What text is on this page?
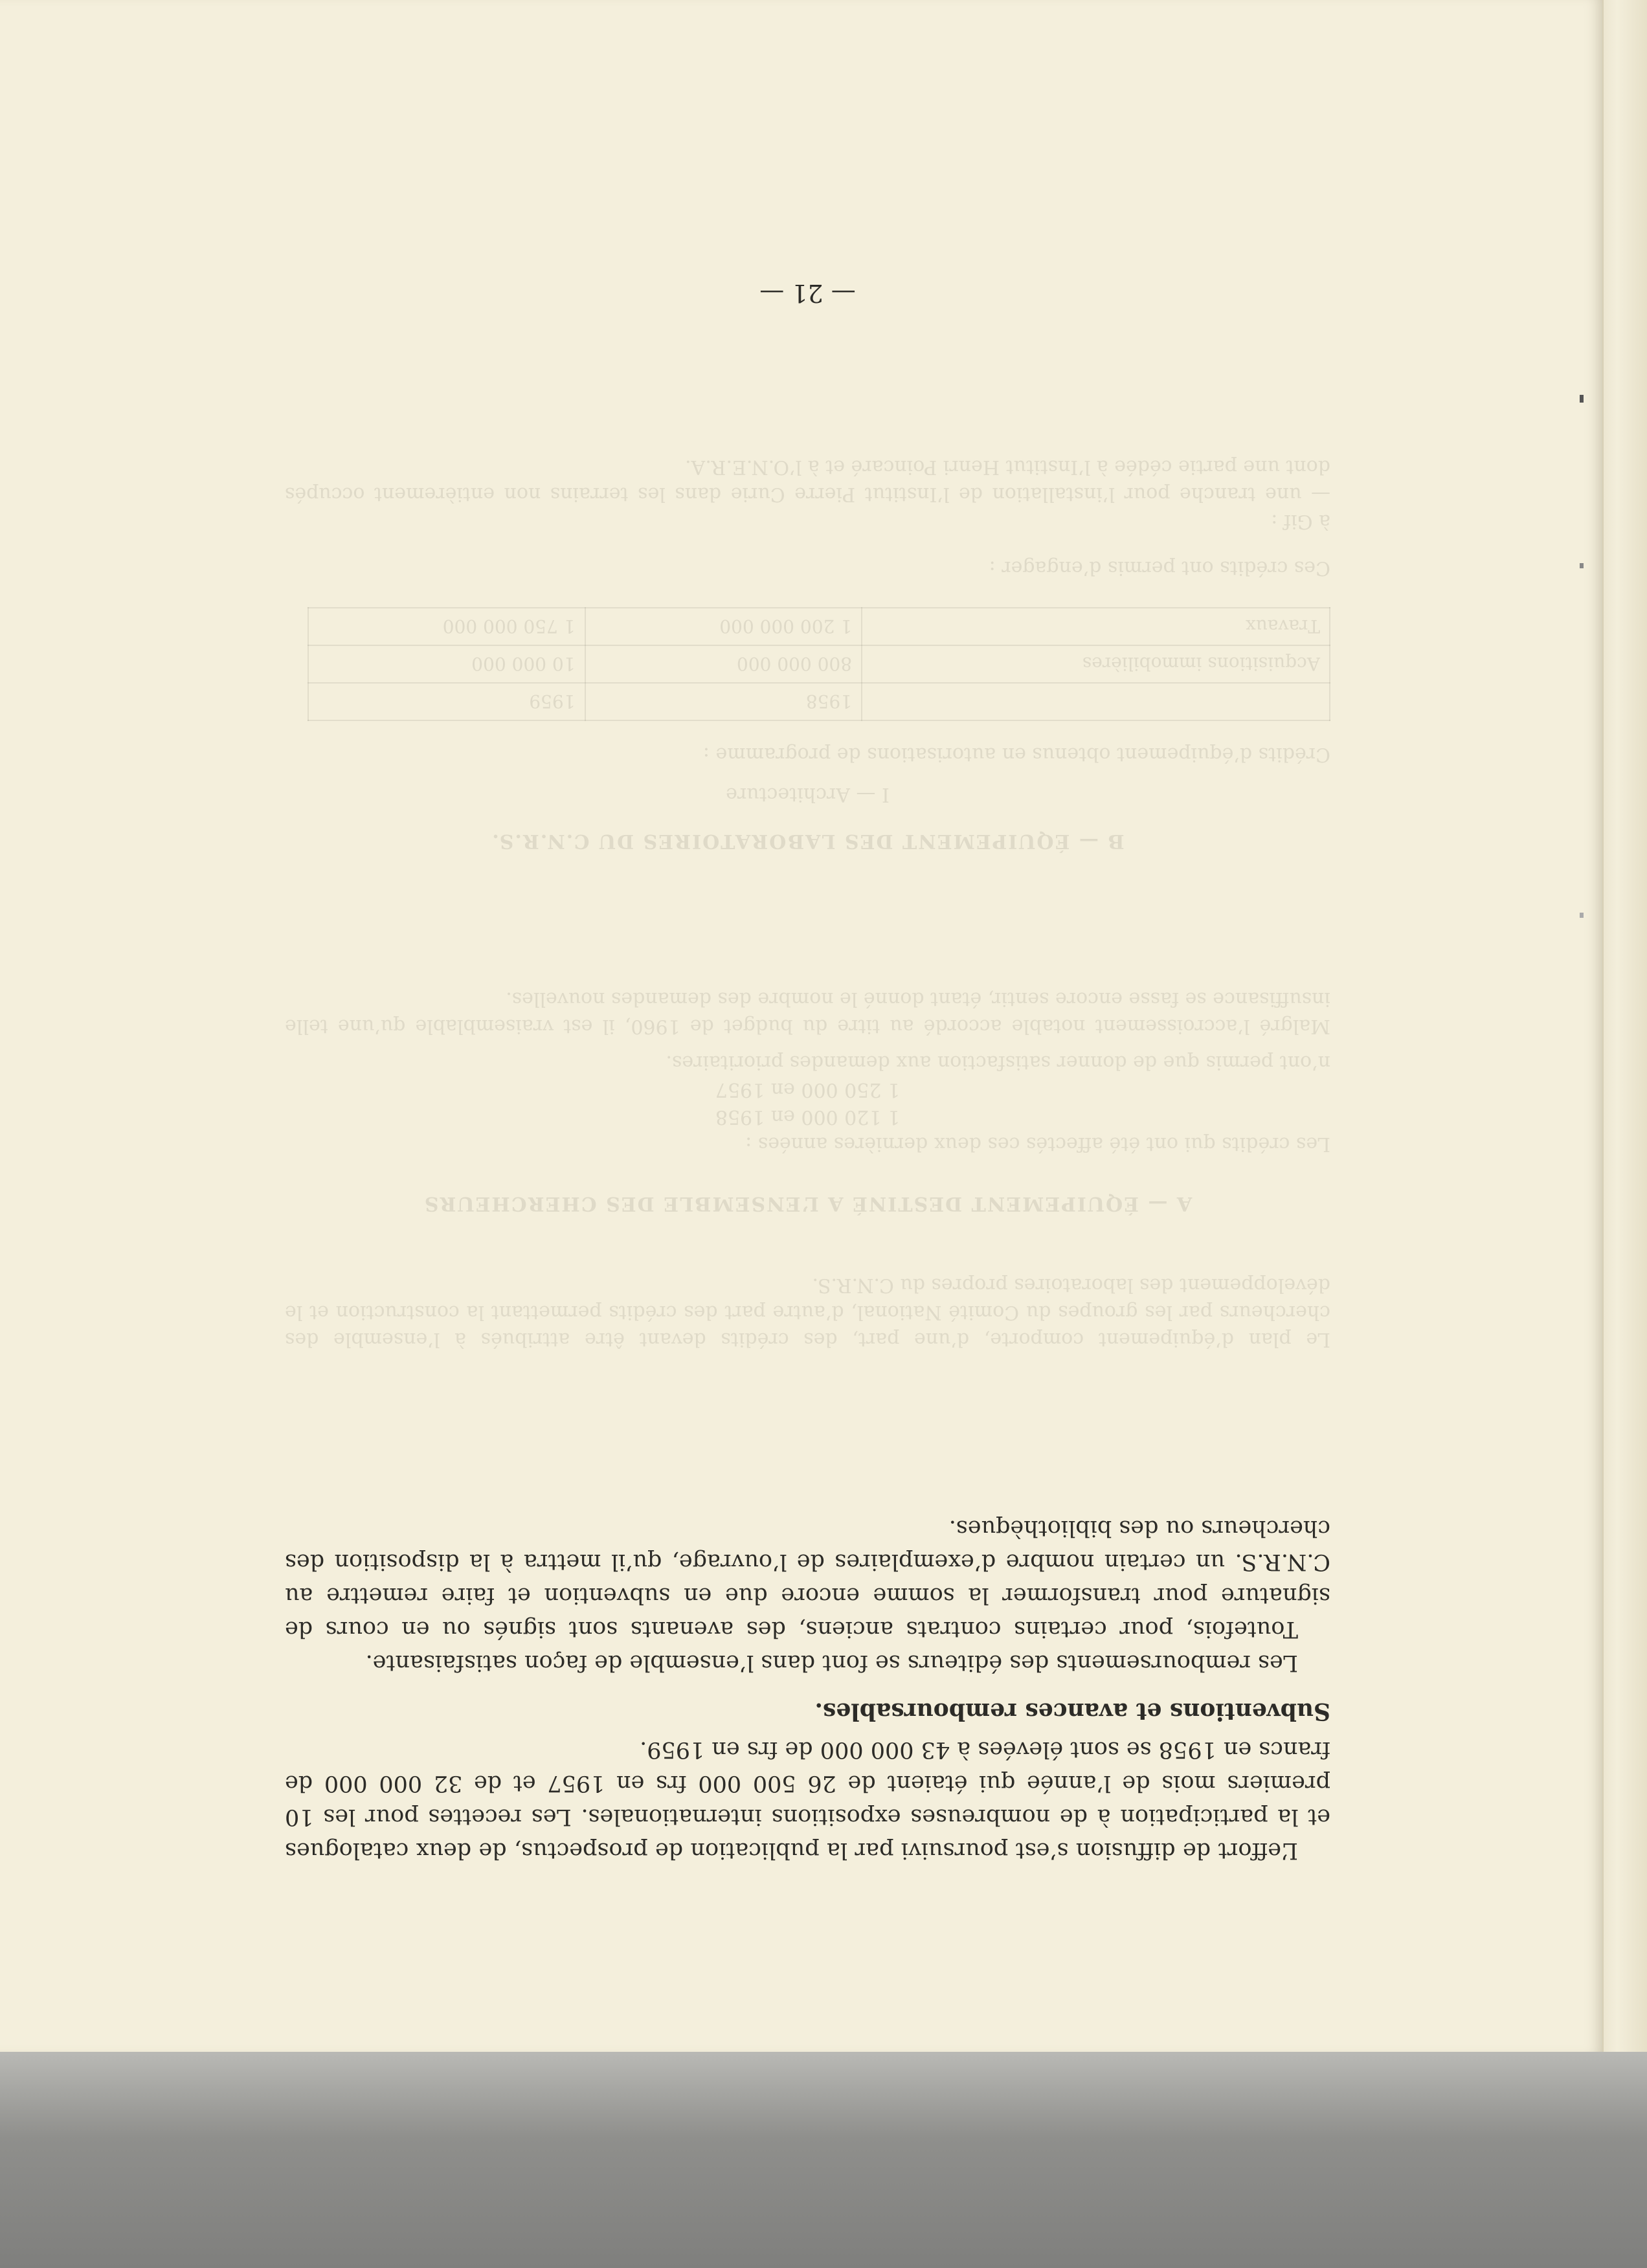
L’effort de diffusion s’est poursuivi par la publication de prospectus, de deux catalogues et la participation à de nombreuses expositions internationales. Les recettes pour les 10 premiers mois de l’année qui étaient de 26 500 000 frs en 1957 et de 32 000 000 de francs en 1958 se sont élevées à 43 000 000 de frs en 1959.

Subventions et avances remboursables.

Les remboursements des éditeurs se font dans l’ensemble de façon satisfaisante.

Toutefois, pour certains contrats anciens, des avenants sont signés ou en cours de signature pour transformer la somme encore due en subvention et faire remettre au C.N.R.S. un certain nombre d’exemplaires de l’ouvrage, qu’il mettra à la disposition des chercheurs ou des bibliothèques.

Le plan d’équipement comporte, d’une part, des crédits devant être attribués à l’ensemble des chercheurs par les groupes du Comité National, d’autre part des crédits permettant la construction et le développement des laboratoires propres du C.N.R.S.

A — ÉQUIPEMENT DESTINÉ A L’ENSEMBLE DES CHERCHEURS

Les crédits qui ont été affectés ces deux dernières années :

1 120 000 en 1958

1 250 000 en 1957

n’ont permis que de donner satisfaction aux demandes prioritaires.

Malgré l’accroissement notable accordé au titre du budget de 1960, il est vraisemblable qu’une telle insuffisance se fasse encore sentir, étant donné le nombre des demandes nouvelles.

B — ÉQUIPEMENT DES LABORATOIRES DU C.N.R.S.

I — Architecture

Crédits d’équipement obtenus en autorisations de programme :

	1958	1959
Acquisitions immobilières	800 000 000	10 000 000
Travaux	1 200 000 000	1 750 000 000

Ces crédits ont permis d’engager :

à Gif :

— une tranche pour l’installation de l’Institut Pierre Curie dans les terrains non entièrement occupés dont une partie cédée à l’Institut Henri Poincaré et à l’O.N.E.R.A.

— 21 —
